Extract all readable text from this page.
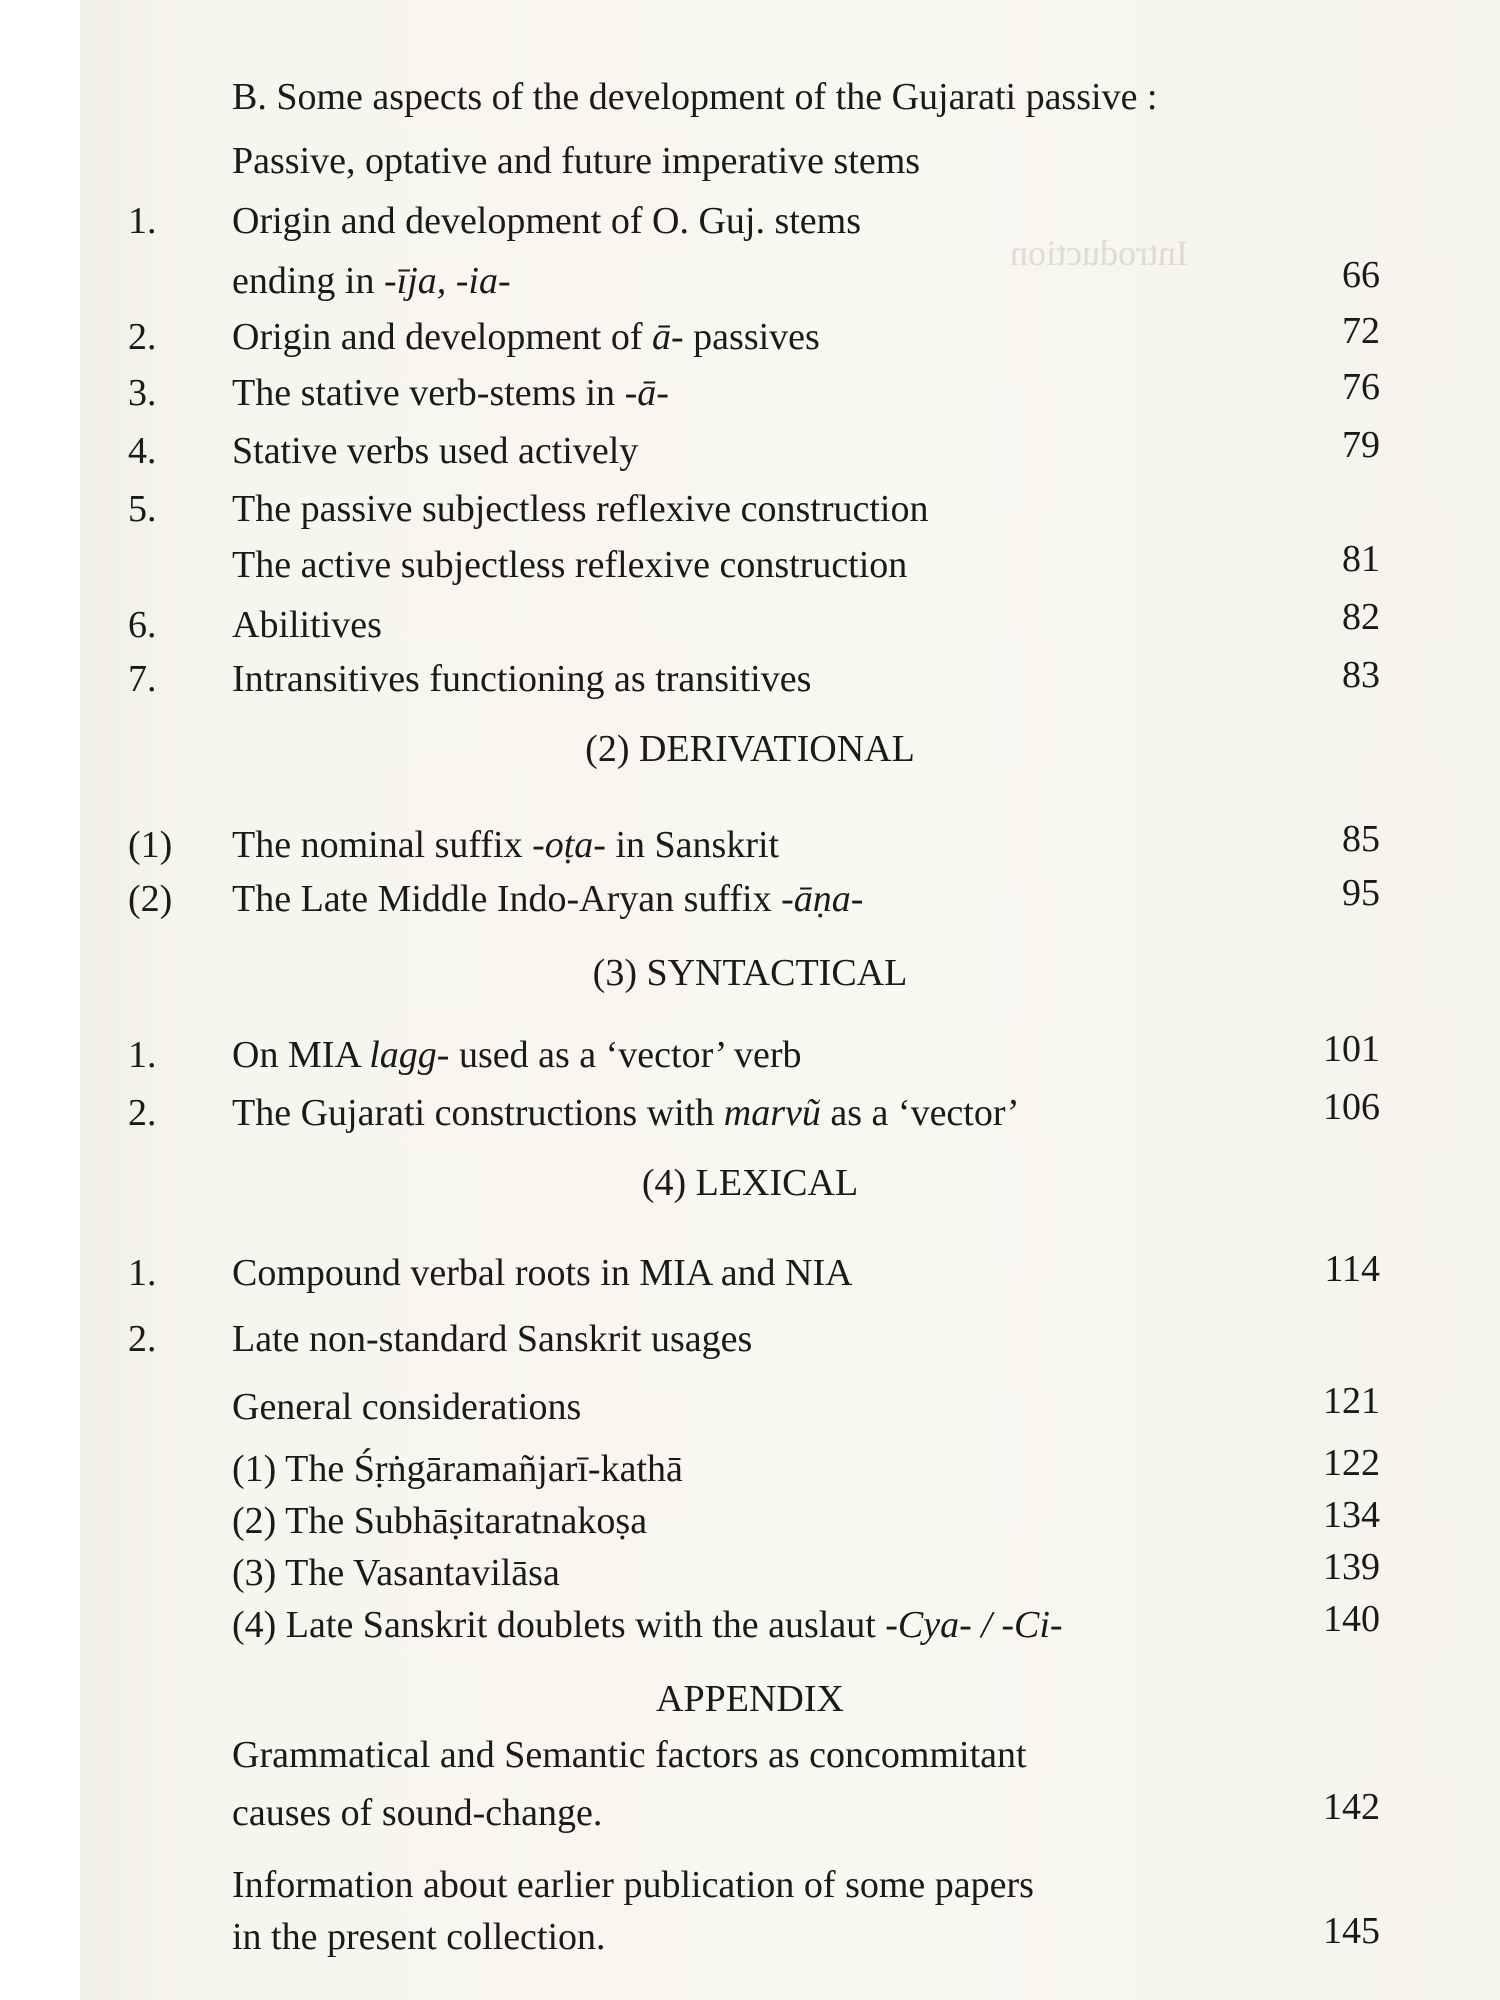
Introduction
B. Some aspects of the development of the Gujarati passive :
Passive, optative and future imperative stems
1. Origin and development of O. Guj. stems
ending in -īja, -ia-	66
2. Origin and development of ā- passives	72
3. The stative verb-stems in -ā-	76
4. Stative verbs used actively	79
5. The passive subjectless reflexive construction
The active subjectless reflexive construction	81
6. Abilitives	82
7. Intransitives functioning as transitives	83
(2) DERIVATIONAL
(1) The nominal suffix -oṭa- in Sanskrit	85
(2) The Late Middle Indo-Aryan suffix -āṇa-	95
(3) SYNTACTICAL
1. On MIA lagg- used as a ‘vector’ verb	101
2. The Gujarati constructions with marvũ as a ‘vector’	106
(4) LEXICAL
1. Compound verbal roots in MIA and NIA	114
2. Late non-standard Sanskrit usages
General considerations	121
(1) The Śṛṅgāramañjarī-kathā	122
(2) The Subhāṣitaratnakoṣa	134
(3) The Vasantavilāsa	139
(4) Late Sanskrit doublets with the auslaut -Cya- / -Ci-	140
APPENDIX
Grammatical and Semantic factors as concommitant
causes of sound-change.	142
Information about earlier publication of some papers
in the present collection.	145
